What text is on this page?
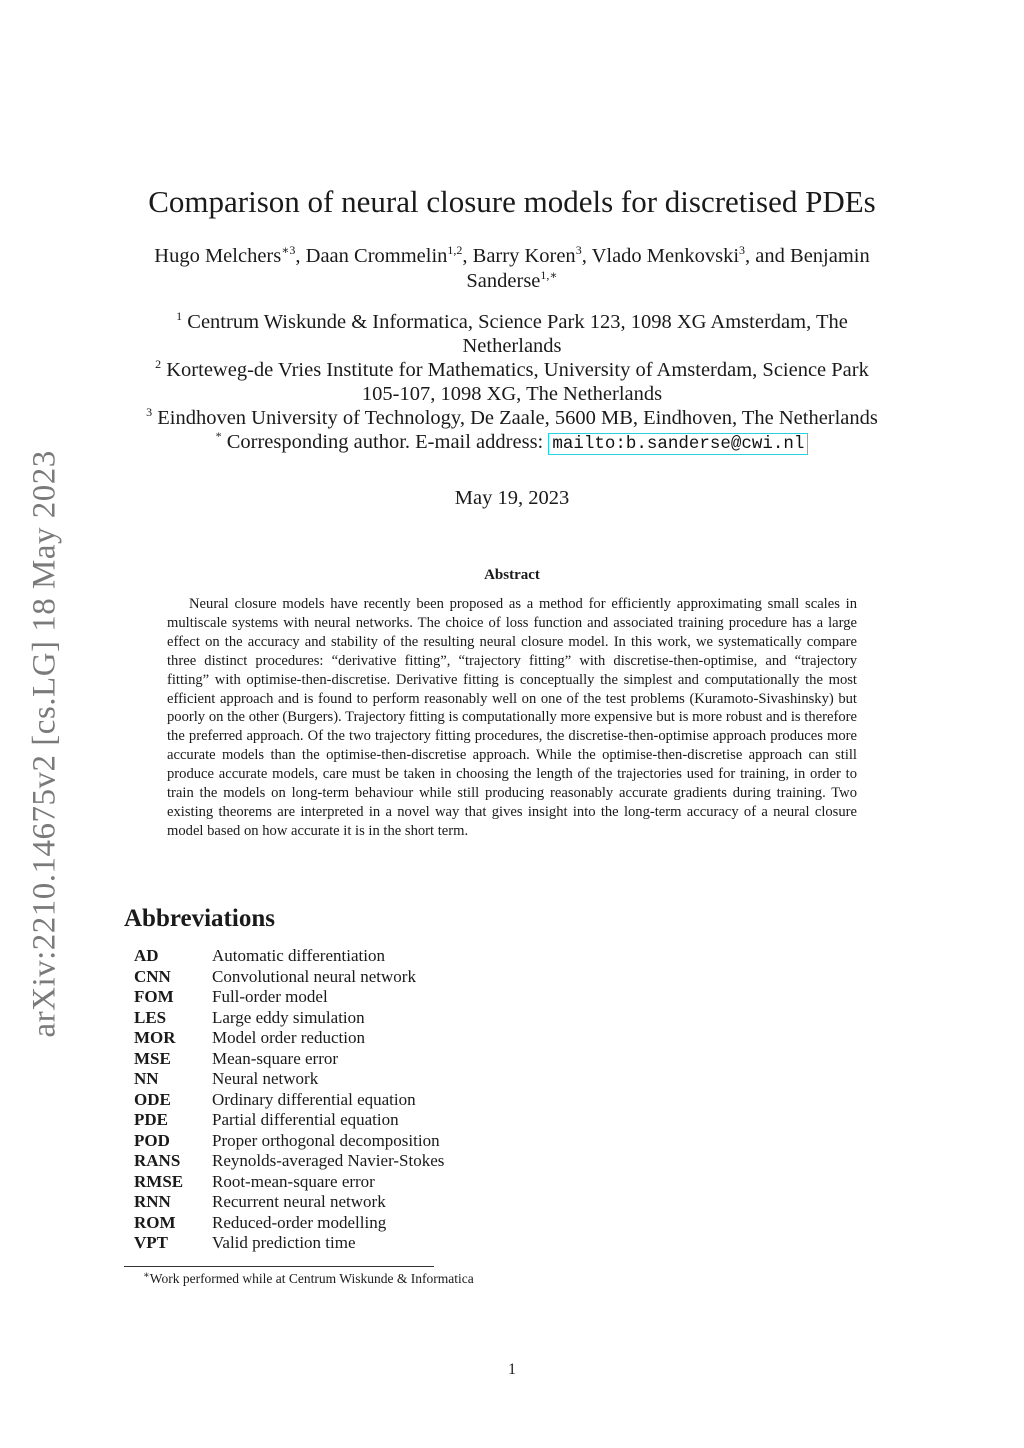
arXiv:2210.14675v2 [cs.LG] 18 May 2023
Comparison of neural closure models for discretised PDEs
Hugo Melchers$^{∗3}$, Daan Crommelin$^{1,2}$, Barry Koren$^3$, Vlado Menkovski$^3$, and Benjamin
Sanderse$^{1,∗}$
$^1$ Centrum Wiskunde & Informatica, Science Park 123, 1098 XG Amsterdam, The
Netherlands
$^2$ Korteweg-de Vries Institute for Mathematics, University of Amsterdam, Science Park
105-107, 1098 XG, The Netherlands
$^3$ Eindhoven University of Technology, De Zaale, 5600 MB, Eindhoven, The Netherlands
* Corresponding author. E-mail address: mailto:b.sanderse@cwi.nl
May 19, 2023
Abstract
Neural closure models have recently been proposed as a method for efficiently approximating small scales in multiscale systems with neural networks. The choice of loss function and associated training procedure has a large effect on the accuracy and stability of the resulting neural closure model. In this work, we systematically compare three distinct procedures: “derivative fitting”, “trajectory fitting” with discretise-then-optimise, and “trajectory fitting” with optimise-then-discretise. Derivative fitting is conceptually the simplest and computationally the most efficient approach and is found to perform reasonably well on one of the test problems (Kuramoto-Sivashinsky) but poorly on the other (Burgers). Trajectory fitting is computationally more expensive but is more robust and is therefore the preferred approach. Of the two trajectory fitting procedures, the discretise-then-optimise approach produces more accurate models than the optimise-then-discretise approach. While the optimise-then-discretise approach can still produce accurate models, care must be taken in choosing the length of the trajectories used for training, in order to train the models on long-term behaviour while still producing reasonably accurate gradients during training. Two existing theorems are interpreted in a novel way that gives insight into the long-term accuracy of a neural closure model based on how accurate it is in the short term.
Abbreviations
AD	Automatic differentiation
CNN	Convolutional neural network
FOM	Full-order model
LES	Large eddy simulation
MOR	Model order reduction
MSE	Mean-square error
NN	Neural network
ODE	Ordinary differential equation
PDE	Partial differential equation
POD	Proper orthogonal decomposition
RANS	Reynolds-averaged Navier-Stokes
RMSE	Root-mean-square error
RNN	Recurrent neural network
ROM	Reduced-order modelling
VPT	Valid prediction time
∗Work performed while at Centrum Wiskunde & Informatica
1
